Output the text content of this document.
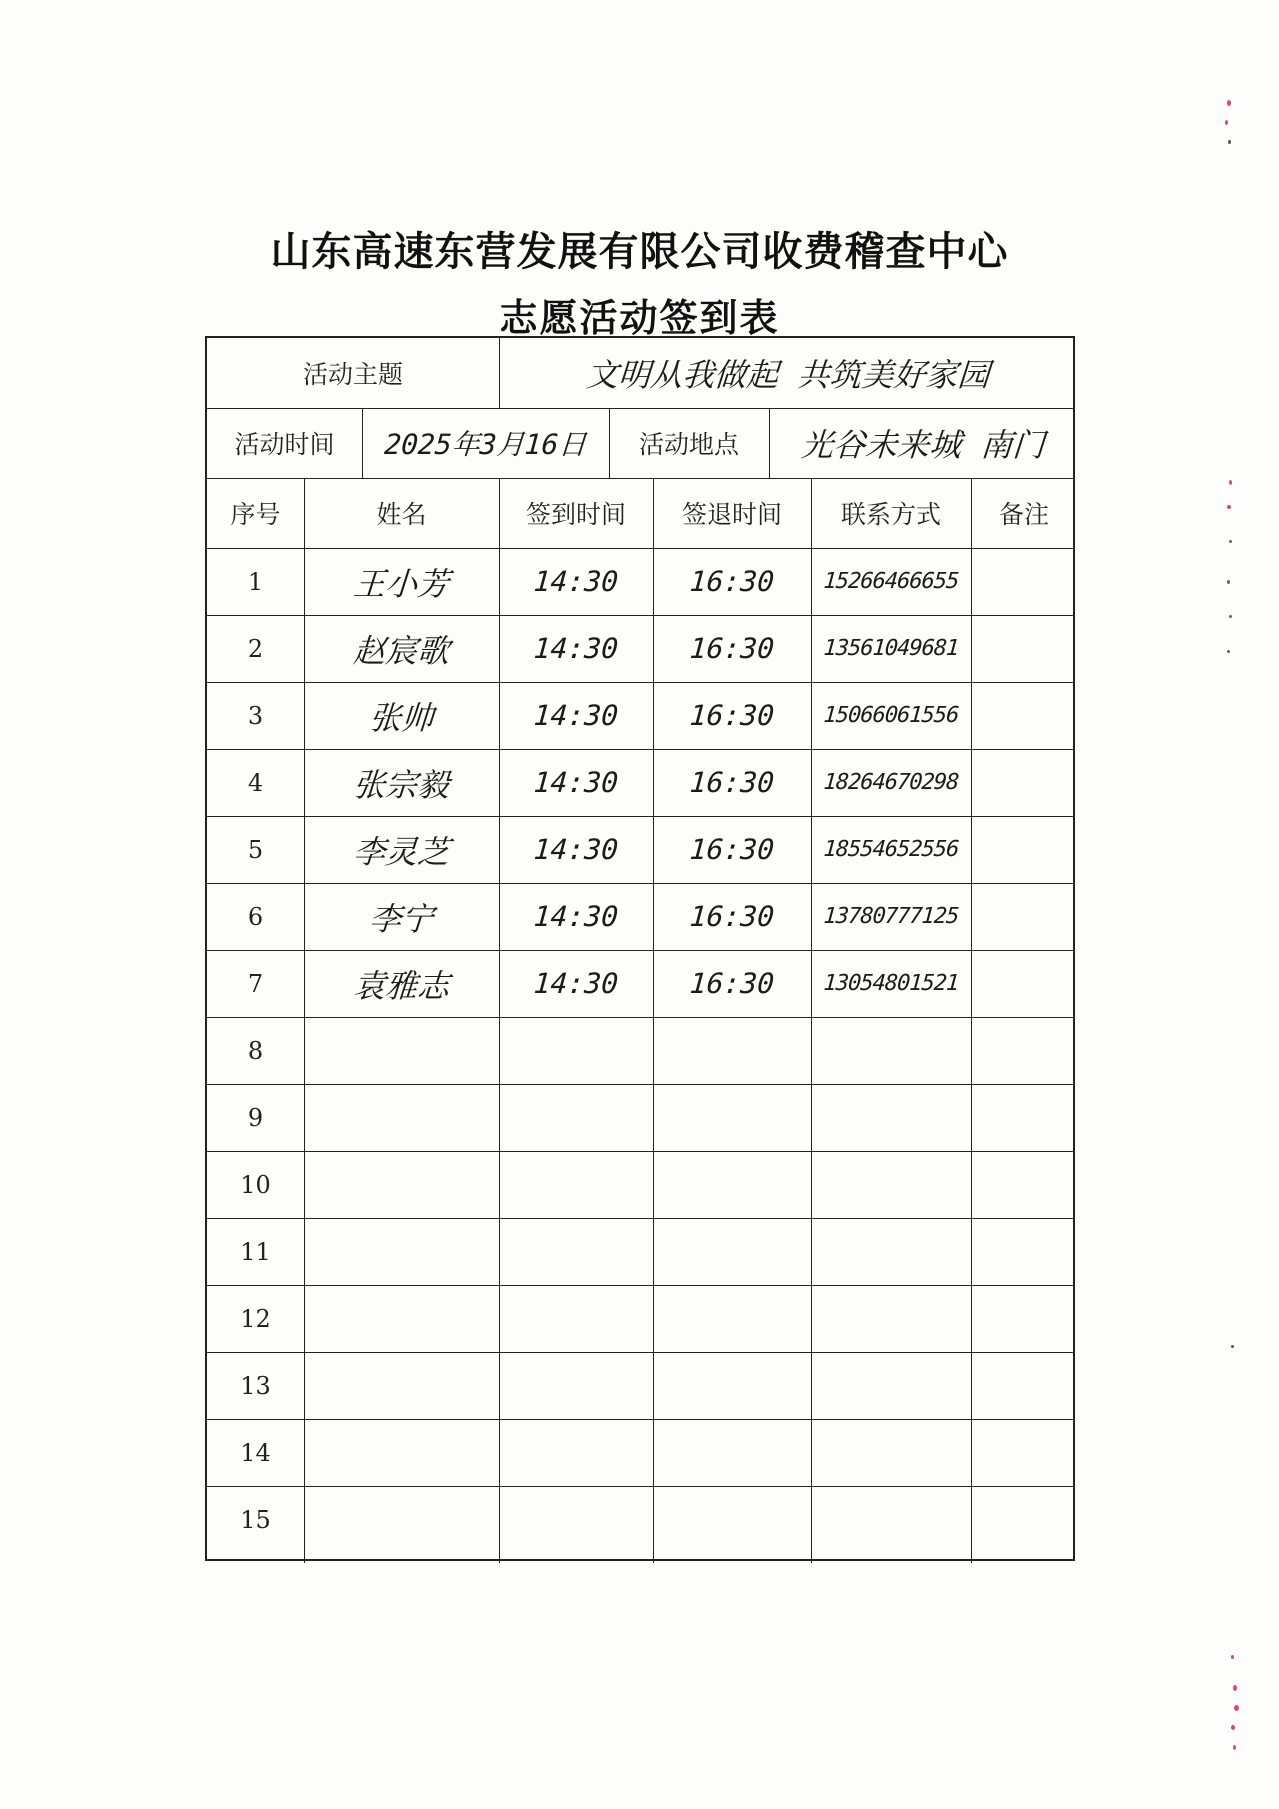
山东高速东营发展有限公司收费稽查中心
志愿活动签到表
活动主题	文明从我做起 共筑美好家园
活动时间	2025年3月16日	活动地点	光谷未来城 南门
序号	姓名	签到时间	签退时间	联系方式	备注
1	王小芳	14:30	16:30	15266466655
2	赵宸歌	14:30	16:30	13561049681
3	张帅	14:30	16:30	15066061556
4	张宗毅	14:30	16:30	18264670298
5	李灵芝	14:30	16:30	18554652556
6	李宁	14:30	16:30	13780777125
7	袁雅志	14:30	16:30	13054801521
8
9
10
11
12
13
14
15
